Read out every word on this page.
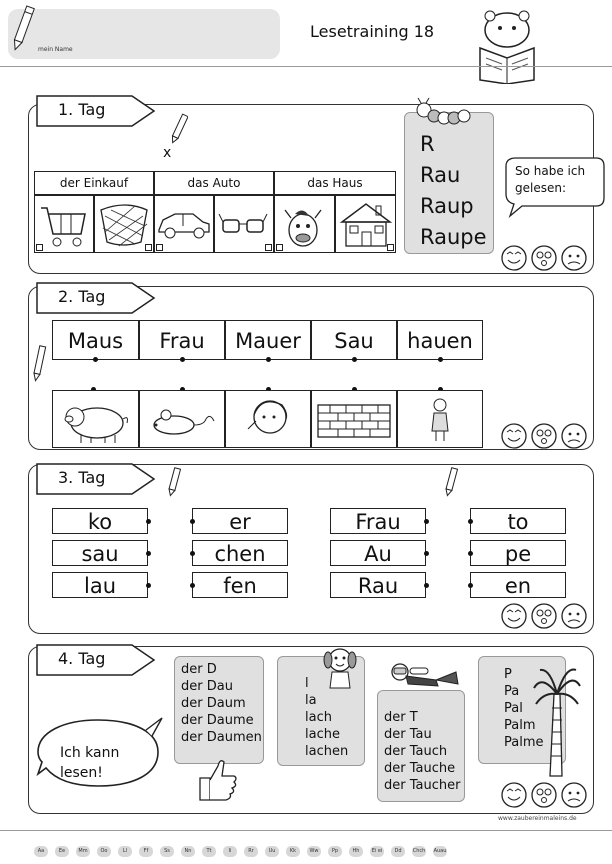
mein Name
Lesetraining 18
1. Tag
x
der Einkauf	das Auto	das Haus
R
Rau
Raup
Raupe
So habe ich gelesen:
2. Tag
Maus	Frau	Mauer	Sau	hauen
3. Tag
ko
sau
lau
er
chen
fen
Frau
Au
Rau
to
pe
en
4. Tag
Ich kann lesen!
der D
der Dau
der Daum
der Daume
der Daumen
l
la
lach
lache
lachen
der T
der Tau
der Tauch
der Tauche
der Taucher
P
Pa
Pal
Palm
Palme
www.zaubereinmaleins.de
Aa	Ee	Mm	Oo	Ll	Ff	Ss	Nn	Tt	Ii	Rr	Uu	Kk	Ww	Pp	Hh	Ei ei	Dd	Chch Auau
